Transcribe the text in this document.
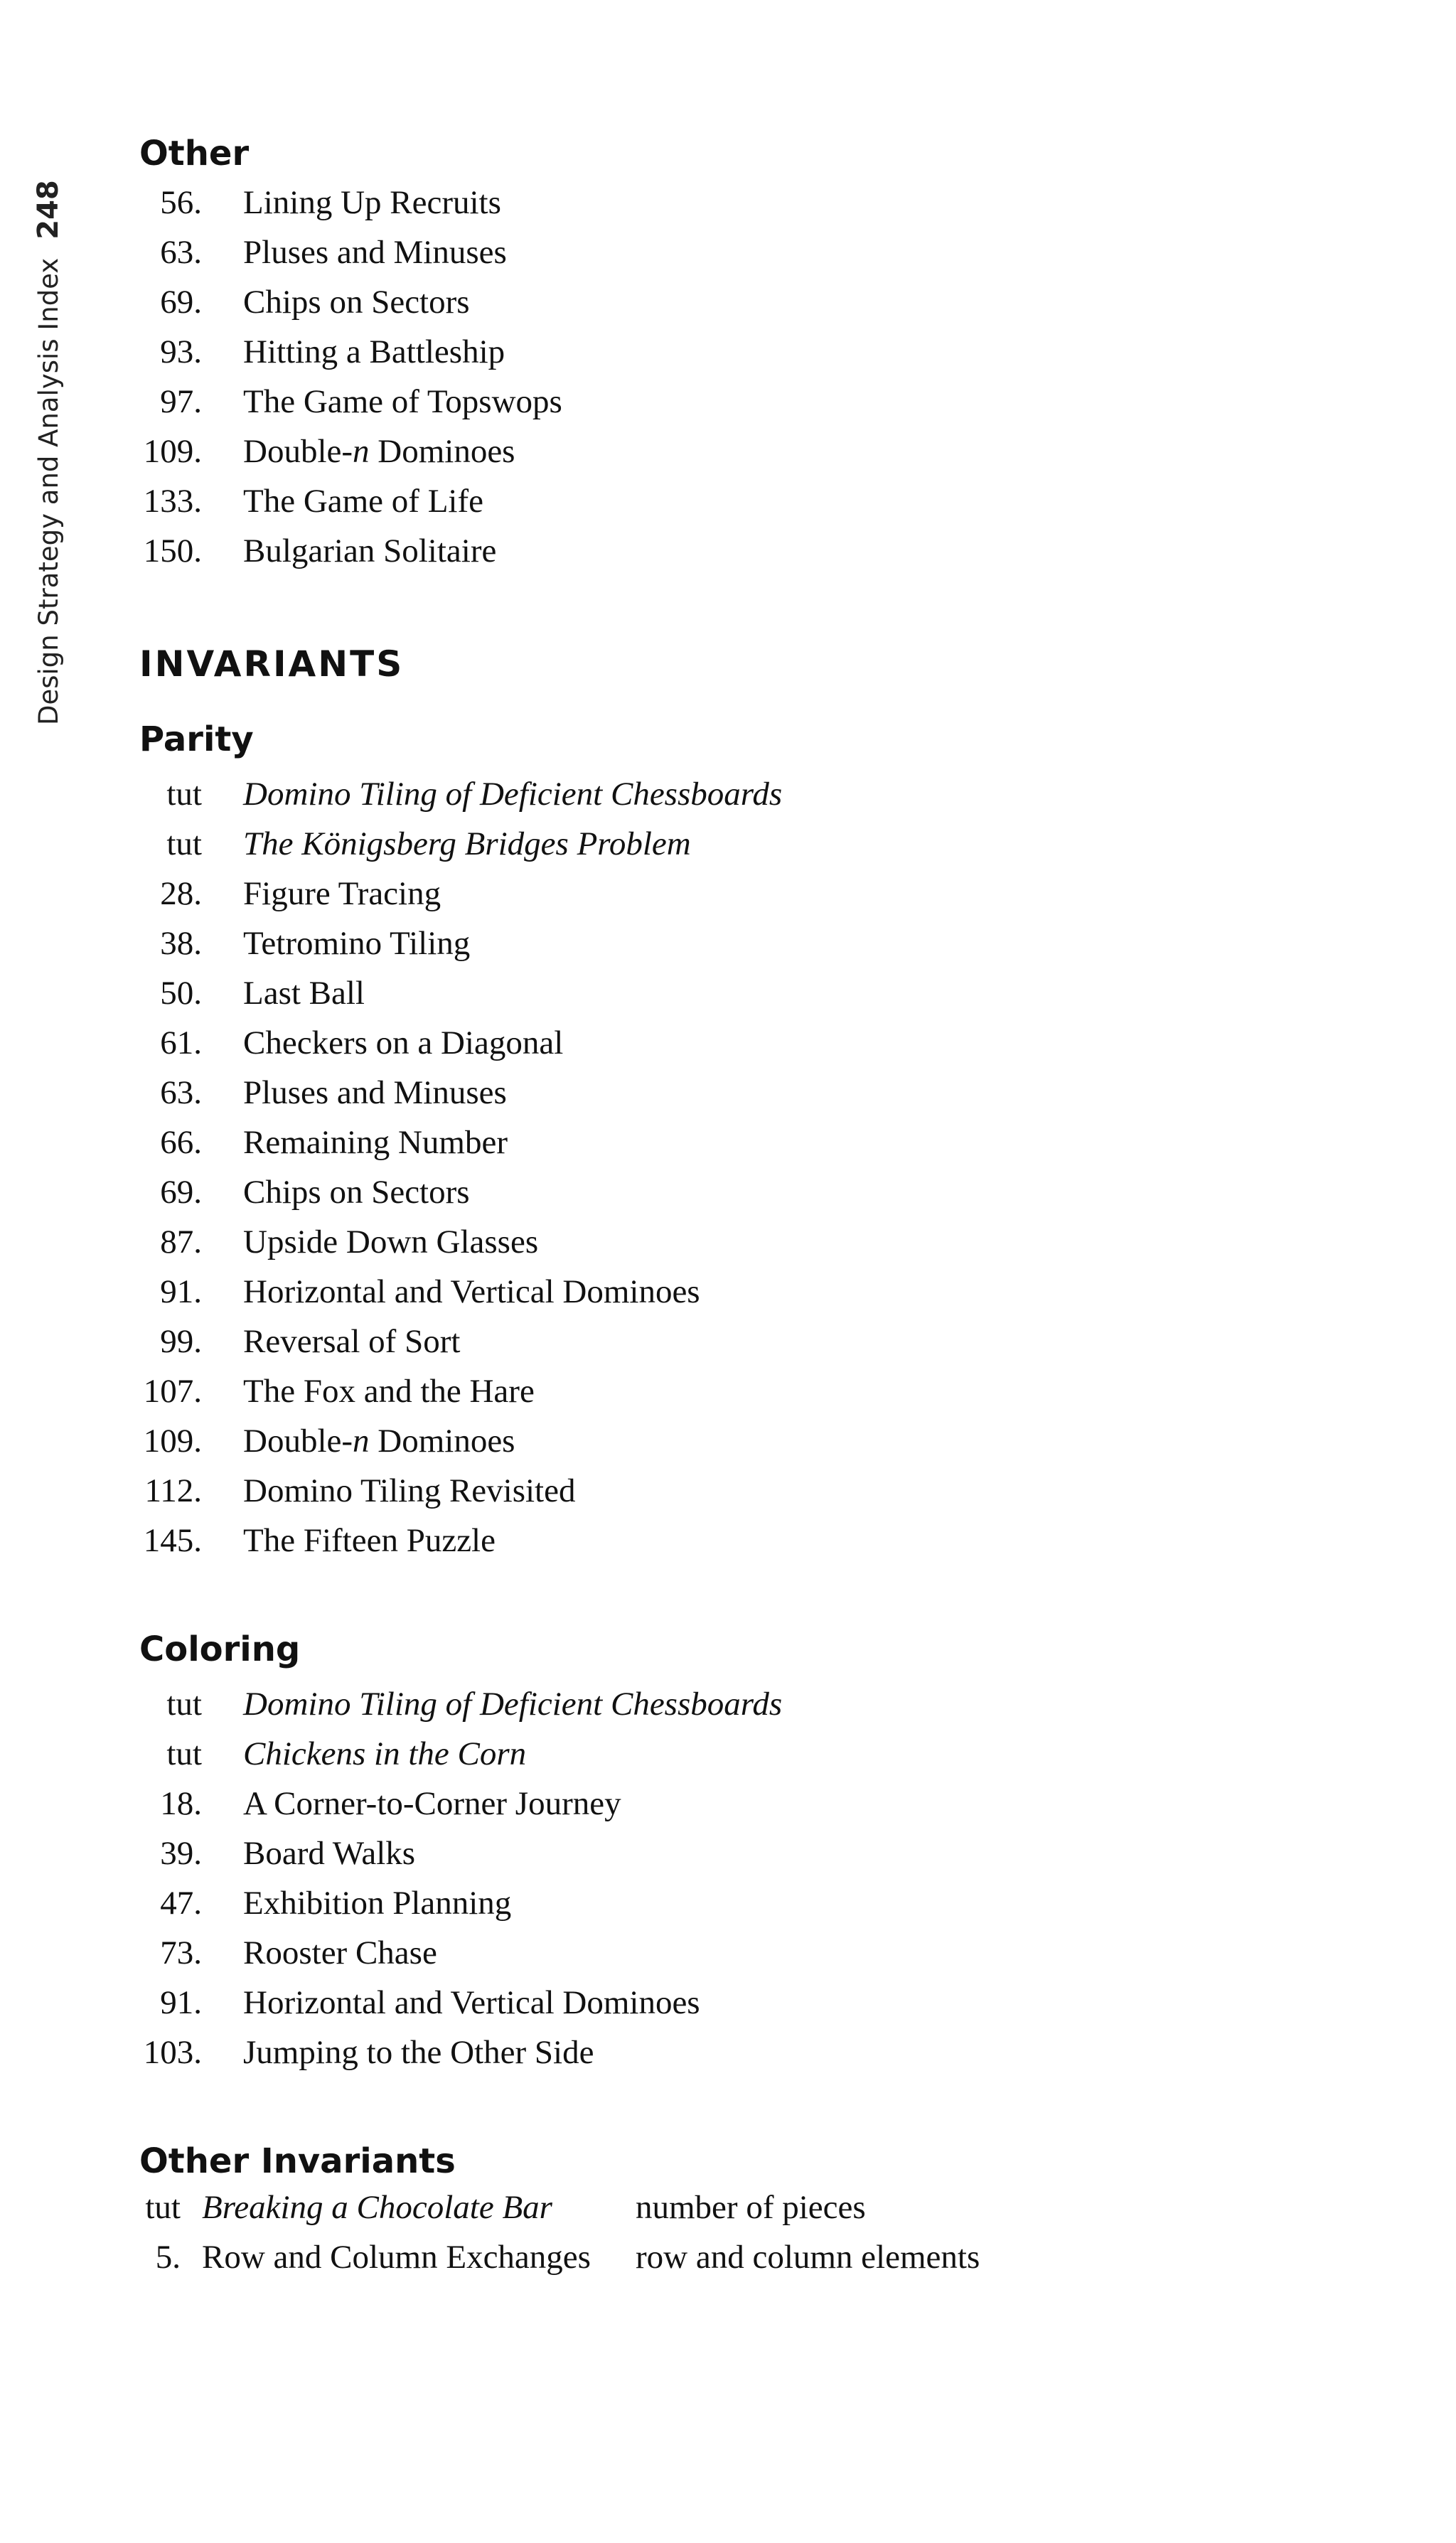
Design Strategy and Analysis Index
248
Other
56. Lining Up Recruits
63. Pluses and Minuses
69. Chips on Sectors
93. Hitting a Battleship
97. The Game of Topswops
109. Double-n Dominoes
133. The Game of Life
150. Bulgarian Solitaire
INVARIANTS
Parity
tut Domino Tiling of Deficient Chessboards
tut The Königsberg Bridges Problem
28. Figure Tracing
38. Tetromino Tiling
50. Last Ball
61. Checkers on a Diagonal
63. Pluses and Minuses
66. Remaining Number
69. Chips on Sectors
87. Upside Down Glasses
91. Horizontal and Vertical Dominoes
99. Reversal of Sort
107. The Fox and the Hare
109. Double-n Dominoes
112. Domino Tiling Revisited
145. The Fifteen Puzzle
Coloring
tut Domino Tiling of Deficient Chessboards
tut Chickens in the Corn
18. A Corner-to-Corner Journey
39. Board Walks
47. Exhibition Planning
73. Rooster Chase
91. Horizontal and Vertical Dominoes
103. Jumping to the Other Side
Other Invariants
tut Breaking a Chocolate Bar	number of pieces
5. Row and Column Exchanges	row and column elements
